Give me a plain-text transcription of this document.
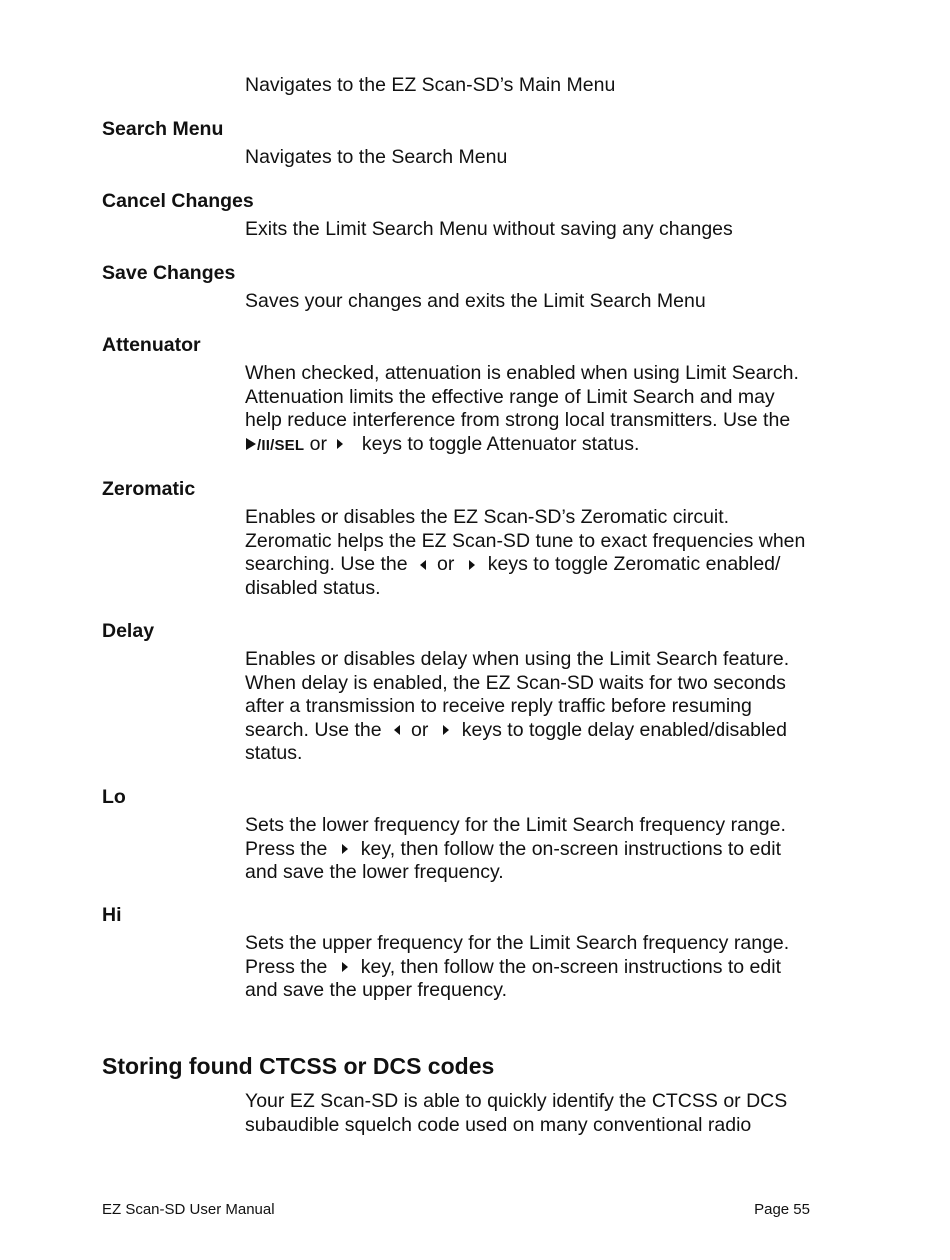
Navigates to the EZ Scan-SD’s Main Menu
Search Menu
Navigates to the Search Menu
Cancel Changes
Exits the Limit Search Menu without saving any changes
Save Changes
Saves your changes and exits the Limit Search Menu
Attenuator
When checked, attenuation is enabled when using Limit Search.
Attenuation limits the effective range of Limit Search and may
help reduce interference from strong local transmitters. Use the
/II/SEL or keys to toggle Attenuator status.
Zeromatic
Enables or disables the EZ Scan-SD’s Zeromatic circuit.
Zeromatic helps the EZ Scan-SD tune to exact frequencies when
searching. Use the or keys to toggle Zeromatic enabled/
disabled status.
Delay
Enables or disables delay when using the Limit Search feature.
When delay is enabled, the EZ Scan-SD waits for two seconds
after a transmission to receive reply traffic before resuming
search. Use the or keys to toggle delay enabled/disabled
status.
Lo
Sets the lower frequency for the Limit Search frequency range.
Press the key, then follow the on-screen instructions to edit
and save the lower frequency.
Hi
Sets the upper frequency for the Limit Search frequency range.
Press the key, then follow the on-screen instructions to edit
and save the upper frequency.
Storing found CTCSS or DCS codes
Your EZ Scan-SD is able to quickly identify the CTCSS or DCS
subaudible squelch code used on many conventional radio
EZ Scan-SD User Manual	Page 55
